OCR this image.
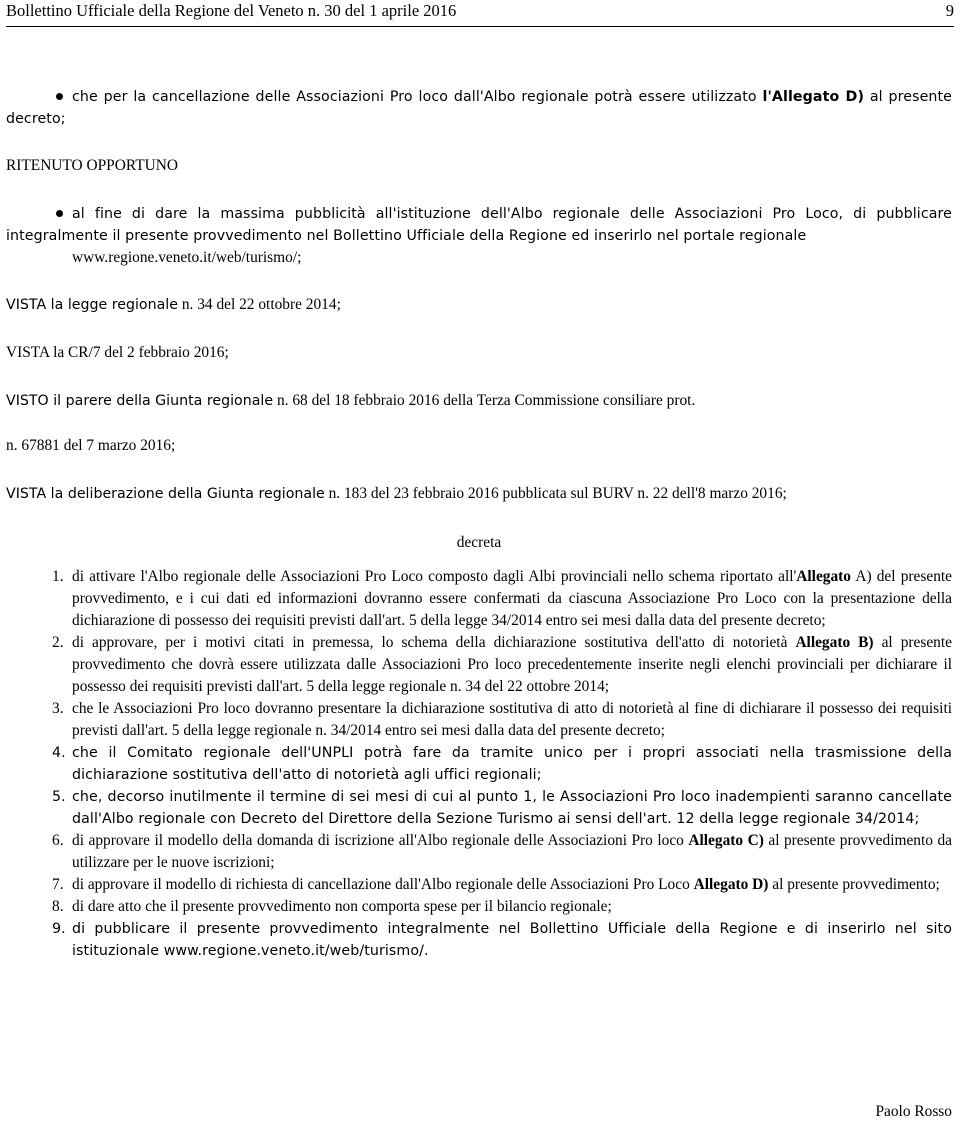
Bollettino Ufficiale della Regione del Veneto n. 30 del 1 aprile 2016	9
che per la cancellazione delle Associazioni Pro loco dall'Albo regionale potrà essere utilizzato l'Allegato D) al presente decreto;

RITENUTO OPPORTUNO

al fine di dare la massima pubblicità all'istituzione dell'Albo regionale delle Associazioni Pro Loco, di pubblicare integralmente il presente provvedimento nel Bollettino Ufficiale della Regione ed inserirlo nel portale regionale

www.regione.veneto.it/web/turismo/;

VISTA la legge regionale n. 34 del 22 ottobre 2014;

VISTA la CR/7 del 2 febbraio 2016;

VISTO il parere della Giunta regionale n. 68 del 18 febbraio 2016 della Terza Commissione consiliare prot.

n. 67881 del 7 marzo 2016;

VISTA la deliberazione della Giunta regionale n. 183 del 23 febbraio 2016 pubblicata sul BURV n. 22 dell'8 marzo 2016;

decreta

1. di attivare l'Albo regionale delle Associazioni Pro Loco composto dagli Albi provinciali nello schema riportato all'Allegato A) del presente provvedimento, e i cui dati ed informazioni dovranno essere confermati da ciascuna Associazione Pro Loco con la presentazione della dichiarazione di possesso dei requisiti previsti dall'art. 5 della legge 34/2014 entro sei mesi dalla data del presente decreto;
2. di approvare, per i motivi citati in premessa, lo schema della dichiarazione sostitutiva dell'atto di notorietà Allegato B) al presente provvedimento che dovrà essere utilizzata dalle Associazioni Pro loco precedentemente inserite negli elenchi provinciali per dichiarare il possesso dei requisiti previsti dall'art. 5 della legge regionale n. 34 del 22 ottobre 2014;
3. che le Associazioni Pro loco dovranno presentare la dichiarazione sostitutiva di atto di notorietà al fine di dichiarare il possesso dei requisiti previsti dall'art. 5 della legge regionale n. 34/2014 entro sei mesi dalla data del presente decreto;
4. che il Comitato regionale dell'UNPLI potrà fare da tramite unico per i propri associati nella trasmissione della dichiarazione sostitutiva dell'atto di notorietà agli uffici regionali;
5. che, decorso inutilmente il termine di sei mesi di cui al punto 1, le Associazioni Pro loco inadempienti saranno cancellate dall'Albo regionale con Decreto del Direttore della Sezione Turismo ai sensi dell'art. 12 della legge regionale 34/2014;
6. di approvare il modello della domanda di iscrizione all'Albo regionale delle Associazioni Pro loco Allegato C) al presente provvedimento da utilizzare per le nuove iscrizioni;
7. di approvare il modello di richiesta di cancellazione dall'Albo regionale delle Associazioni Pro Loco Allegato D) al presente provvedimento;
8. di dare atto che il presente provvedimento non comporta spese per il bilancio regionale;
9. di pubblicare il presente provvedimento integralmente nel Bollettino Ufficiale della Regione e di inserirlo nel sito istituzionale www.regione.veneto.it/web/turismo/.
Paolo Rosso
